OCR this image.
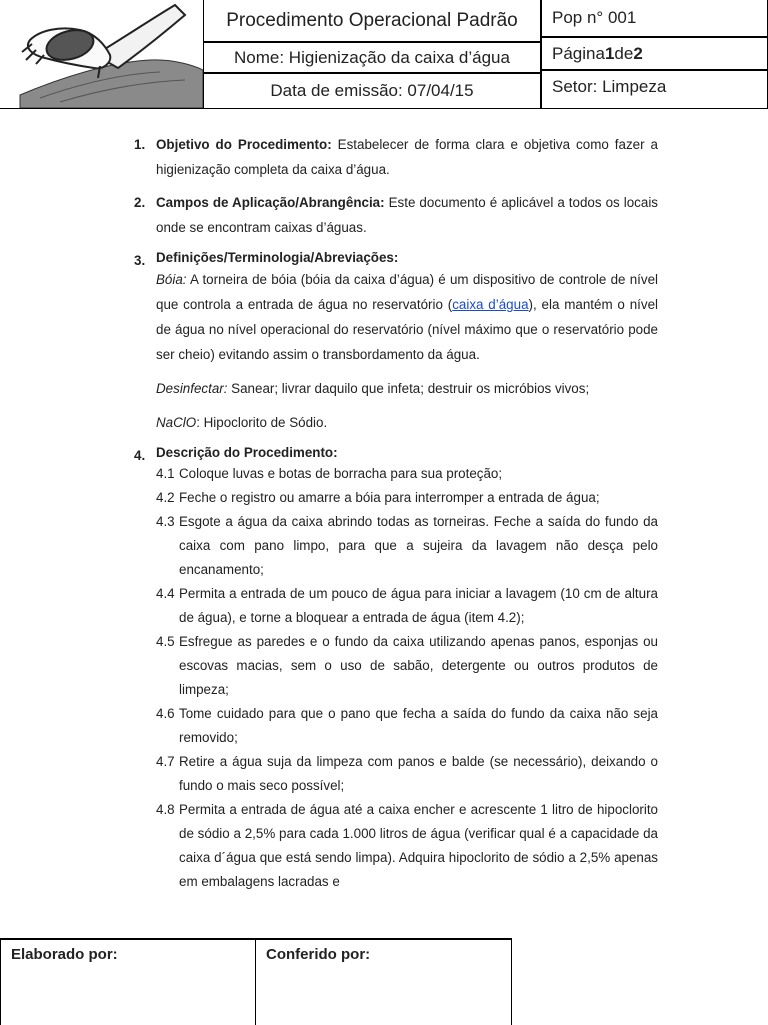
Procedimento Operacional Padrão
Nome: Higienização da caixa d’água
Data de emissão: 07/04/15
Pop n° 001
Página 1 de 2
Setor: Limpeza
1. Objetivo do Procedimento: Estabelecer de forma clara e objetiva como fazer a higienização completa da caixa d’água.
2. Campos de Aplicação/Abrangência: Este documento é aplicável a todos os locais onde se encontram caixas d’águas.
3. Definições/Terminologia/Abreviações:

Bóia: A torneira de bóia (bóia da caixa d’água) é um dispositivo de controle de nível que controla a entrada de água no reservatório (caixa d’água), ela mantém o nível de água no nível operacional do reservatório (nível máximo que o reservatório pode ser cheio) evitando assim o transbordamento da água.

Desinfectar: Sanear; livrar daquilo que infeta; destruir os micróbios vivos;

NaClO: Hipoclorito de Sódio.

4. Descrição do Procedimento:
4.1 Coloque luvas e botas de borracha para sua proteção;
4.2 Feche o registro ou amarre a bóia para interromper a entrada de água;
4.3 Esgote a água da caixa abrindo todas as torneiras. Feche a saída do fundo da caixa com pano limpo, para que a sujeira da lavagem não desça pelo encanamento;
4.4 Permita a entrada de um pouco de água para iniciar a lavagem (10 cm de altura de água), e torne a bloquear a entrada de água (item 4.2);
4.5 Esfregue as paredes e o fundo da caixa utilizando apenas panos, esponjas ou escovas macias, sem o uso de sabão, detergente ou outros produtos de limpeza;
4.6 Tome cuidado para que o pano que fecha a saída do fundo da caixa não seja removido;
4.7 Retire a água suja da limpeza com panos e balde (se necessário), deixando o fundo o mais seco possível;
4.8 Permita a entrada de água até a caixa encher e acrescente 1 litro de hipoclorito de sódio a 2,5% para cada 1.000 litros de água (verificar qual é a capacidade da caixa d´água que está sendo limpa). Adquira hipoclorito de sódio a 2,5% apenas em embalagens lacradas e
Elaborado por:	Conferido por:
